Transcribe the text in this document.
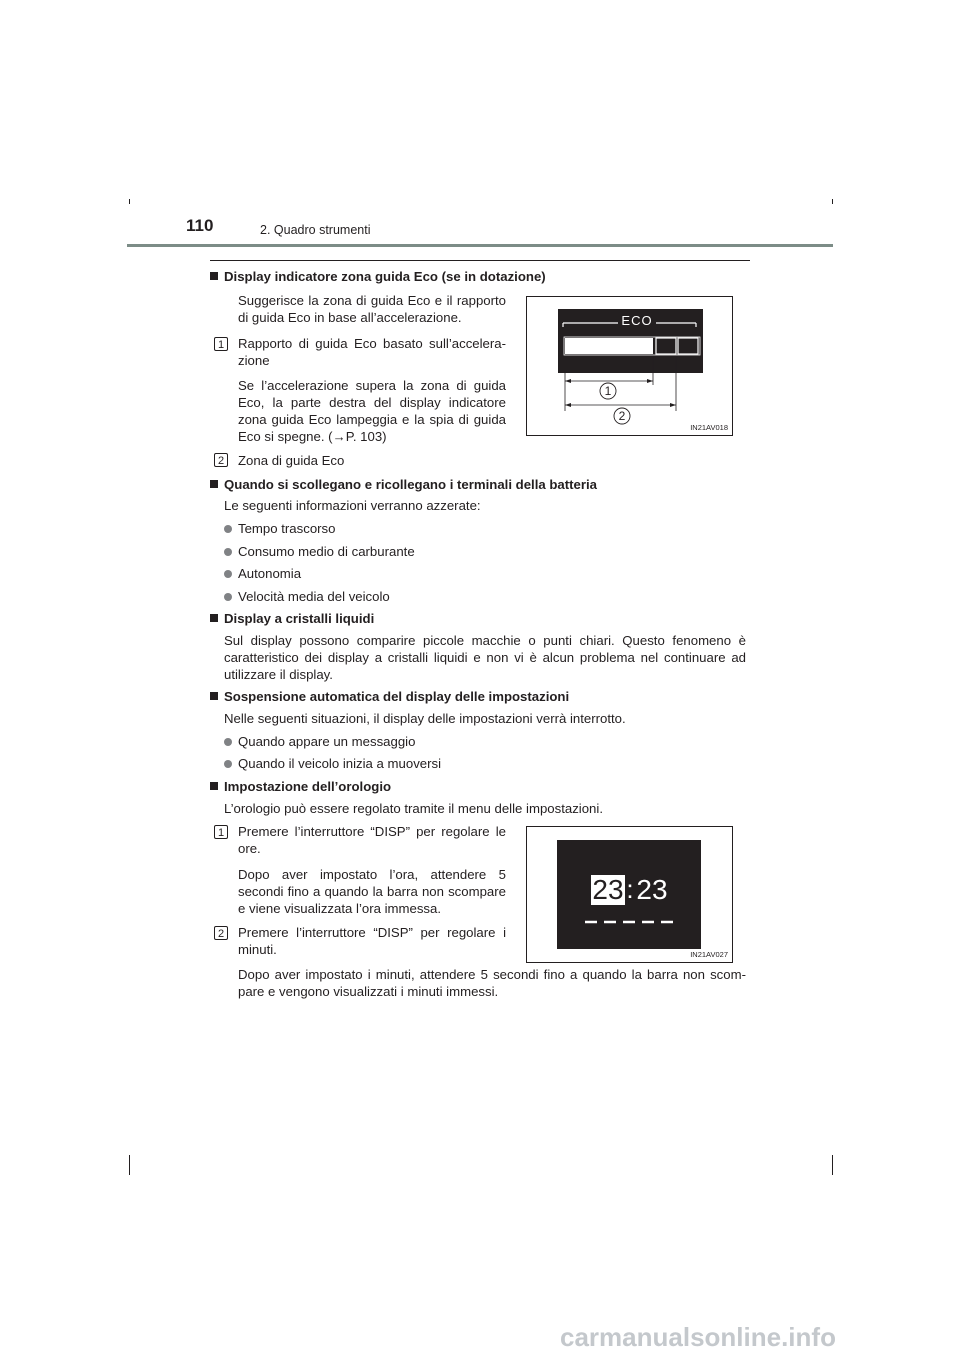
110	2. Quadro strumenti
Display indicatore zona guida Eco (se in dotazione)
Suggerisce la zona di guida Eco e il rapporto di guida Eco in base all’accelerazione.
1 Rapporto di guida Eco basato sull’accelera-zione
Se l’accelerazione supera la zona di guida Eco, la parte destra del display indicatore zona guida Eco lampeggia e la spia di guida Eco si spegne. (→P. 103)
2 Zona di guida Eco
ECO
1
2
IN21AV018
Quando si scollegano e ricollegano i terminali della batteria
Le seguenti informazioni verranno azzerate:
Tempo trascorso
Consumo medio di carburante
Autonomia
Velocità media del veicolo
Display a cristalli liquidi
Sul display possono comparire piccole macchie o punti chiari. Questo fenomeno è caratteristico dei display a cristalli liquidi e non vi è alcun problema nel continuare ad utilizzare il display.
Sospensione automatica del display delle impostazioni
Nelle seguenti situazioni, il display delle impostazioni verrà interrotto.
Quando appare un messaggio
Quando il veicolo inizia a muoversi
Impostazione dell’orologio
L’orologio può essere regolato tramite il menu delle impostazioni.
1 Premere l’interruttore “DISP” per regolare le ore.
Dopo aver impostato l’ora, attendere 5 secondi fino a quando la barra non scompare e viene visualizzata l’ora immessa.
2 Premere l’interruttore “DISP” per regolare i minuti.
Dopo aver impostato i minuti, attendere 5 secondi fino a quando la barra non scom-pare e vengono visualizzati i minuti immessi.
23 : 23
IN21AV027
carmanualsonline.info
